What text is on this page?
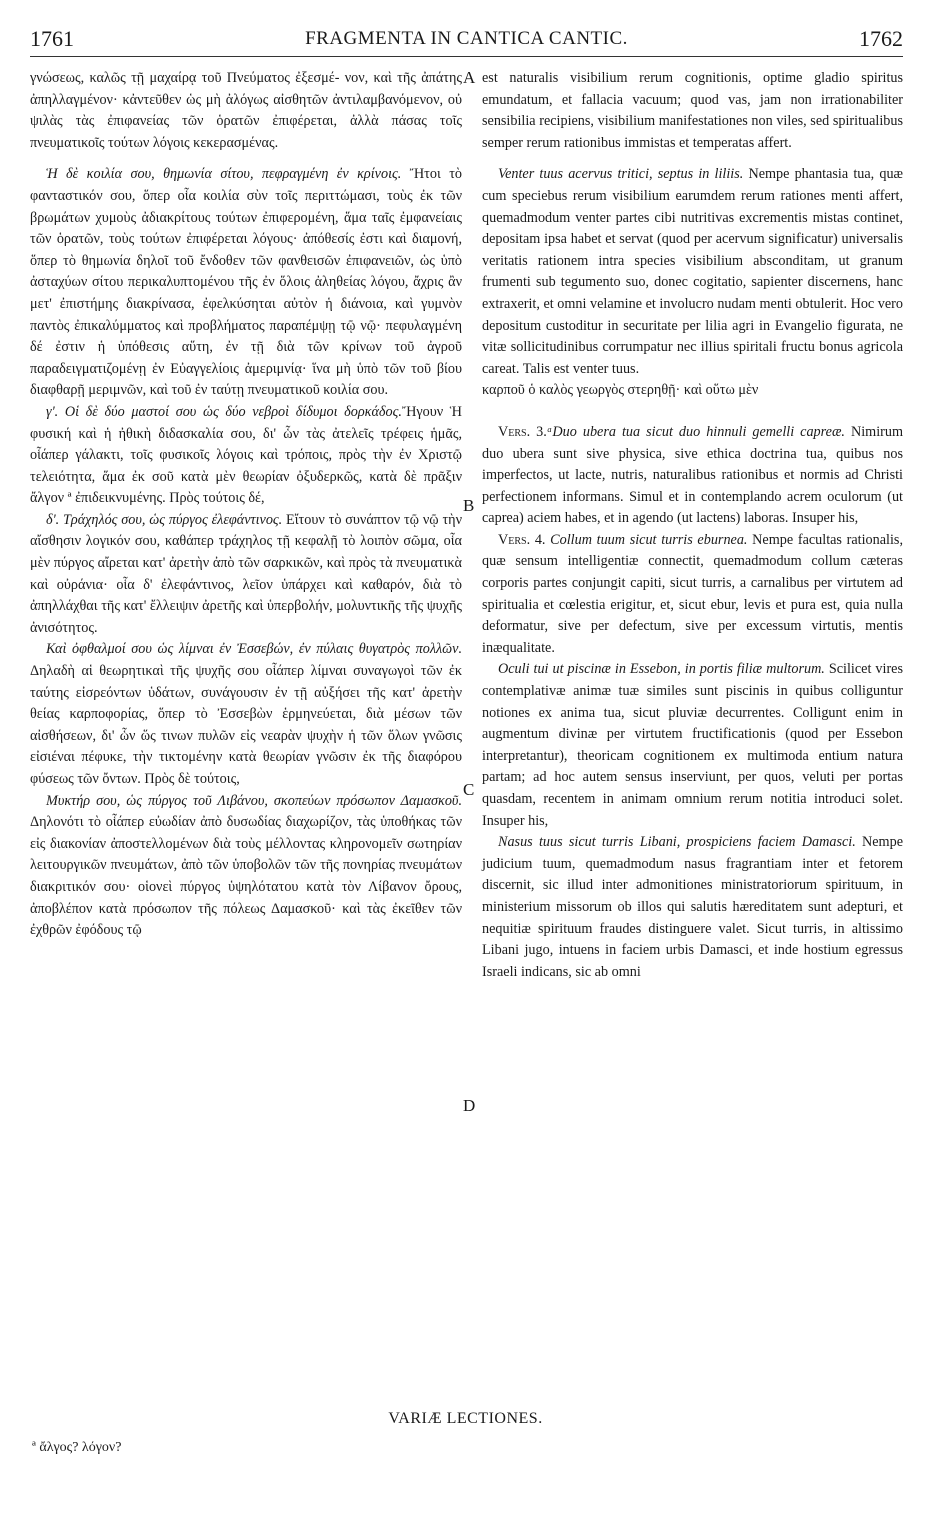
1761	FRAGMENTA IN CANTICA CANTIC.	1762
A
B
C
D

γνώσεως, καλῶς τῇ μαχαίρᾳ τοῦ Πνεύματος ἐξεσμέ- νον, καὶ τῆς ἀπάτης ἀπηλλαγμένον· κἀντεῦθεν ὡς μὴ ἀλόγως αἰσθητῶν ἀντιλαμβανόμενον, οὐ ψιλὰς τὰς ἐπιφανείας τῶν ὁρατῶν ἐπιφέρεται, ἀλλὰ πάσας τοῖς πνευματικοῖς τούτων λόγοις κεκερασμένας.

Ἡ δὲ κοιλία σου, θημωνία σίτου, πεφραγμένη ἐν κρίνοις. Ἤτοι τὸ φανταστικόν σου, ὅπερ οἷα κοιλία σὺν τοῖς περιττώμασι, τοὺς ἐκ τῶν βρωμάτων χυμοὺς ἀδιακρίτους τούτων ἐπιφερομένη, ἅμα ταῖς ἐμφανείαις τῶν ὁρατῶν, τοὺς τούτων ἐπιφέρεται λόγους· ἀπόθεσίς ἐστι καὶ διαμονή, ὅπερ τὸ θημωνία δηλοῖ τοῦ ἔνδοθεν τῶν φανθεισῶν ἐπιφανειῶν, ὡς ὑπὸ ἀσταχύων σίτου περικαλυπτομένου τῆς ἐν ὅλοις ἀληθείας λόγου, ἄχρις ἂν μετ' ἐπιστήμης διακρίνασα, ἐφελκύσηται αὐτὸν ἡ διάνοια, καὶ γυμνὸν παντὸς ἐπικαλύμματος καὶ προβλήματος παραπέμψῃ τῷ νῷ· πεφυλαγμένη δέ ἐστιν ἡ ὑπόθεσις αὕτη, ἐν τῇ διὰ τῶν κρίνων τοῦ ἀγροῦ παραδειγματιζομένῃ ἐν Εὐαγγελίοις ἀμεριμνίᾳ· ἵνα μὴ ὑπὸ τῶν τοῦ βίου διαφθαρῇ μεριμνῶν, καὶ τοῦ ἐν ταύτῃ πνευματικοῦ κοιλία σου.

γ'. Οἱ δὲ δύο μαστοί σου ὡς δύο νεβροὶ δίδυμοι δορκάδος.Ἤγουν Ἡ φυσική καὶ ἡ ἠθικὴ διδασκαλία σου, δι' ὧν τὰς ἀτελεῖς τρέφεις ἡμᾶς, οἷάπερ γάλακτι, τοῖς φυσικοῖς λόγοις καὶ τρόποις, πρὸς τὴν ἐν Χριστῷ τελειότητα, ἅμα ἐκ σοῦ κατὰ μὲν θεωρίαν ὀξυδερκῶς, κατὰ δὲ πρᾶξιν ἄλγον ª ἐπιδεικνυμένης. Πρὸς τούτοις δέ,

δ'. Τράχηλός σου, ὡς πύργος ἐλεφάντινος. Εἴτουν τὸ συνάπτον τῷ νῷ τὴν αἴσθησιν λογικόν σου, καθάπερ τράχηλος τῇ κεφαλῇ τὸ λοιπὸν σῶμα, οἷα μὲν πύργος αἴρεται κατ' ἀρετὴν ἀπὸ τῶν σαρκικῶν, καὶ πρὸς τὰ πνευματικὰ καὶ οὐράνια· οἷα δ' ἐλεφάντινος, λεῖον ὑπάρχει καὶ καθαρόν, διὰ τὸ ἀπηλλάχθαι τῆς κατ' ἔλλειψιν ἀρετῆς καὶ ὑπερβολήν, μολυντικῆς τῆς ψυχῆς ἀνισότητος.

Καὶ ὀφθαλμοί σου ὡς λίμναι ἐν Ἐσσεβών, ἐν πύλαις θυγατρὸς πολλῶν. Δηλαδὴ αἱ θεωρητικαὶ τῆς ψυχῆς σου οἷάπερ λίμναι συναγωγοὶ τῶν ἐκ ταύτης εἰσρεόντων ὑδάτων, συνάγουσιν ἐν τῇ αὐξήσει τῆς κατ' ἀρετὴν θείας καρποφορίας, ὅπερ τὸ Ἐσσεβὼν ἑρμηνεύεται, διὰ μέσων τῶν αἰσθήσεων, δι' ὧν ὥς τινων πυλῶν εἰς νεαρὰν ψυχὴν ἡ τῶν ὅλων γνῶσις εἰσιέναι πέφυκε, τὴν τικτομένην κατὰ θεωρίαν γνῶσιν ἐκ τῆς διαφόρου φύσεως τῶν ὄντων. Πρὸς δὲ τούτοις,

Μυκτήρ σου, ὡς πύργος τοῦ Λιβάνου, σκοπεύων πρόσωπον Δαμασκοῦ. Δηλονότι τὸ οἷάπερ εὐωδίαν ἀπὸ δυσωδίας διαχωρίζον, τὰς ὑποθήκας τῶν εἰς διακονίαν ἀποστελλομένων διὰ τοὺς μέλλοντας κληρονομεῖν σωτηρίαν λειτουργικῶν πνευμάτων, ἀπὸ τῶν ὑποβολῶν τῶν τῆς πονηρίας πνευμάτων διακριτικόν σου· οἱονεὶ πύργος ὑψηλότατου κατὰ τὸν Λίβανον ὄρους, ἀποβλέπον κατὰ πρόσωπον τῆς πόλεως Δαμασκοῦ· καὶ τὰς ἐκεῖθεν τῶν ἐχθρῶν ἐφόδους τῷ

est naturalis visibilium rerum cognitionis, optime gladio spiritus emundatum, et fallacia vacuum; quod vas, jam non irrationabiliter sensibilia recipiens, visibilium manifestationes non viles, sed spiritualibus semper rerum rationibus immistas et temperatas affert.

Venter tuus acervus tritici, septus in liliis. Nempe phantasia tua, quæ cum speciebus rerum visibilium earumdem rerum rationes menti affert, quemadmodum venter partes cibi nutritivas excrementis mistas continet, depositam ipsa habet et servat (quod per acervum significatur) universalis veritatis rationem intra species visibilium absconditam, ut granum frumenti sub tegumento suo, donec cogitatio, sapienter discernens, hanc extraxerit, et omni velamine et involucro nudam menti obtulerit. Hoc vero depositum custoditur in securitate per lilia agri in Evangelio figurata, ne vitæ sollicitudinibus corrumpatur nec illius spiritali fructu bonus agricola careat. Talis est venter tuus.

καρποῦ ὁ καλὸς γεωργὸς στερηθῇ· καὶ οὕτω μὲν

Vers. 3.ᵃDuo ubera tua sicut duo hinnuli gemelli capreæ. Nimirum duo ubera sunt sive physica, sive ethica doctrina tua, quibus nos imperfectos, ut lacte, nutris, naturalibus rationibus et normis ad Christi perfectionem informans. Simul et in contemplando acrem oculorum (ut caprea) aciem habes, et in agendo (ut lactens) laboras. Insuper his,

Vers. 4. Collum tuum sicut turris eburnea. Nempe facultas rationalis, quæ sensum intelligentiæ connectit, quemadmodum collum cæteras corporis partes conjungit capiti, sicut turris, a carnalibus per virtutem ad spiritualia et cœlestia erigitur, et, sicut ebur, levis et pura est, quia nulla deformatur, sive per defectum, sive per excessum virtutis, mentis inæqualitate.

Oculi tui ut piscinæ in Essebon, in portis filiæ multorum. Scilicet vires contemplativæ animæ tuæ similes sunt piscinis in quibus colliguntur notiones ex anima tua, sicut pluviæ decurrentes. Colligunt enim in augmentum divinæ per virtutem fructificationis (quod per Essebon interpretantur), theoricam cognitionem ex multimoda entium natura partam; ad hoc autem sensus inserviunt, per quos, veluti per portas quasdam, recentem in animam omnium rerum notitia introduci solet. Insuper his,

Nasus tuus sicut turris Libani, prospiciens faciem Damasci. Nempe judicium tuum, quemadmodum nasus fragrantiam inter et fetorem discernit, sic illud inter admonitiones ministratoriorum spirituum, in ministerium missorum ob illos qui salutis hæreditatem sunt adepturi, et nequitiæ spirituum fraudes distinguere valet. Sicut turris, in altissimo Libani jugo, intuens in faciem urbis Damasci, et inde hostium egressus Israeli indicans, sic ab omni

VARIÆ LECTIONES.
ª ἄλγος? λόγον?
